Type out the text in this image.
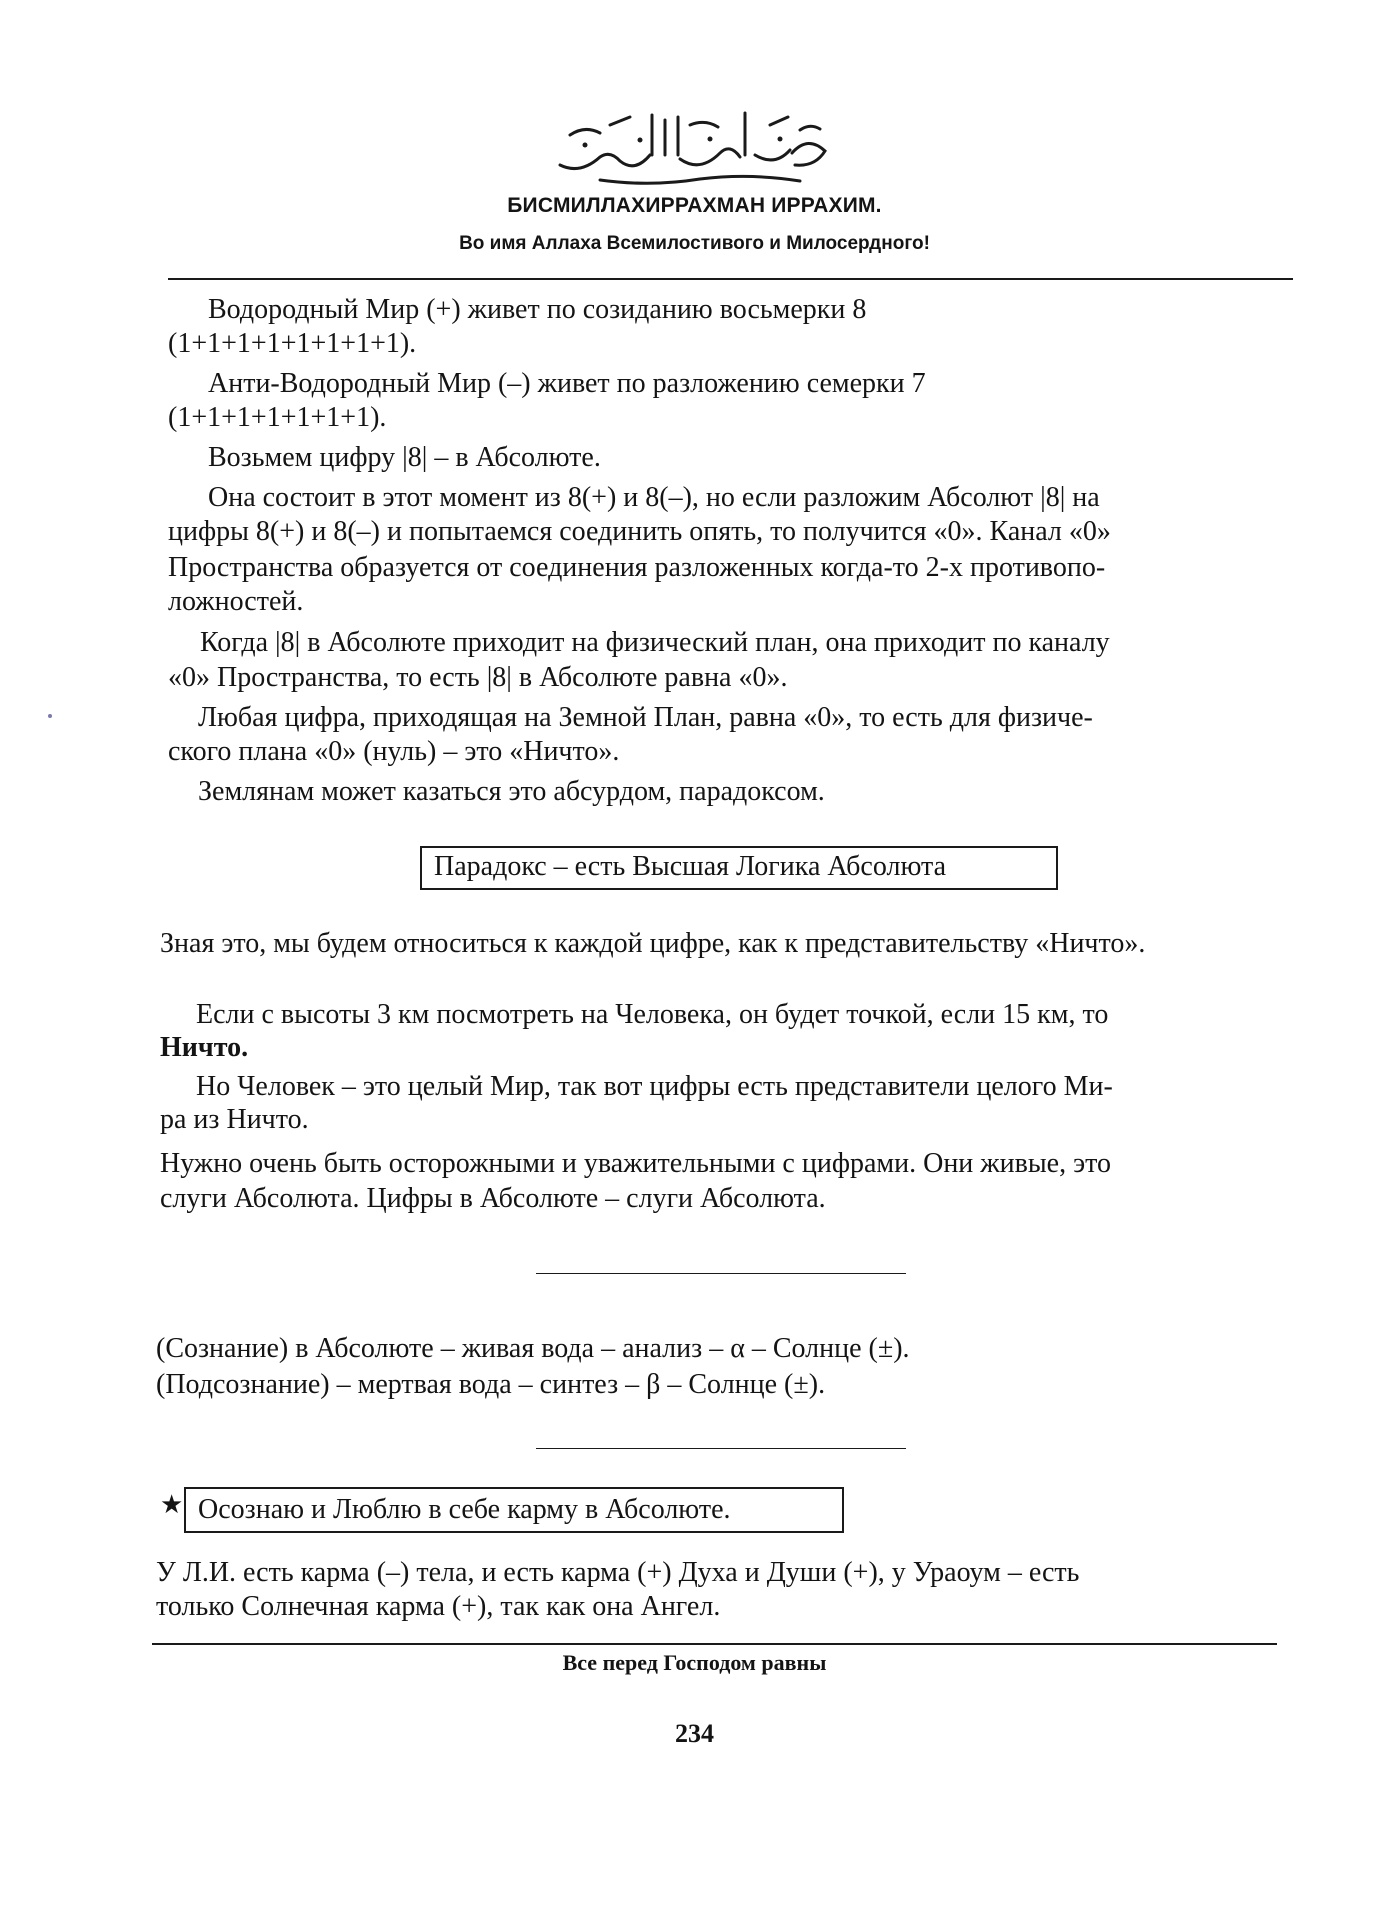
БИСМИЛЛАХИРРАХМАН ИРРАХИМ.
Во имя Аллаха Всемилостивого и Милосердного!
Водородный Мир (+) живет по созиданию восьмерки 8
(1+1+1+1+1+1+1+1).
Анти-Водородный Мир (–) живет по разложению семерки 7
(1+1+1+1+1+1+1).
Возьмем цифру |8| – в Абсолюте.
Она состоит в этот момент из 8(+) и 8(–), но если разложим Абсолют |8| на
цифры 8(+) и 8(–) и попытаемся соединить опять, то получится «0». Канал «0»
Пространства образуется от соединения разложенных когда-то 2-х противопо-
ложностей.
Когда |8| в Абсолюте приходит на физический план, она приходит по каналу
«0» Пространства, то есть |8| в Абсолюте равна «0».
Любая цифра, приходящая на Земной План, равна «0», то есть для физиче-
ского плана «0» (нуль) – это «Ничто».
Землянам может казаться это абсурдом, парадоксом.
Парадокс – есть Высшая Логика Абсолюта
Зная это, мы будем относиться к каждой цифре, как к представительству «Ничто».
Если с высоты 3 км посмотреть на Человека, он будет точкой, если 15 км, то
Ничто.
Но Человек – это целый Мир, так вот цифры есть представители целого Ми-
ра из Ничто.
Нужно очень быть осторожными и уважительными с цифрами. Они живые, это
слуги Абсолюта. Цифры в Абсолюте – слуги Абсолюта.
(Сознание) в Абсолюте – живая вода – анализ – α – Солнце (±).
(Подсознание) – мертвая вода – синтез – β – Солнце (±).
★ Осознаю и Люблю в себе карму в Абсолюте.
У Л.И. есть карма (–) тела, и есть карма (+) Духа и Души (+), у Ураоум – есть
только Солнечная карма (+), так как она Ангел.
Все перед Господом равны
234
